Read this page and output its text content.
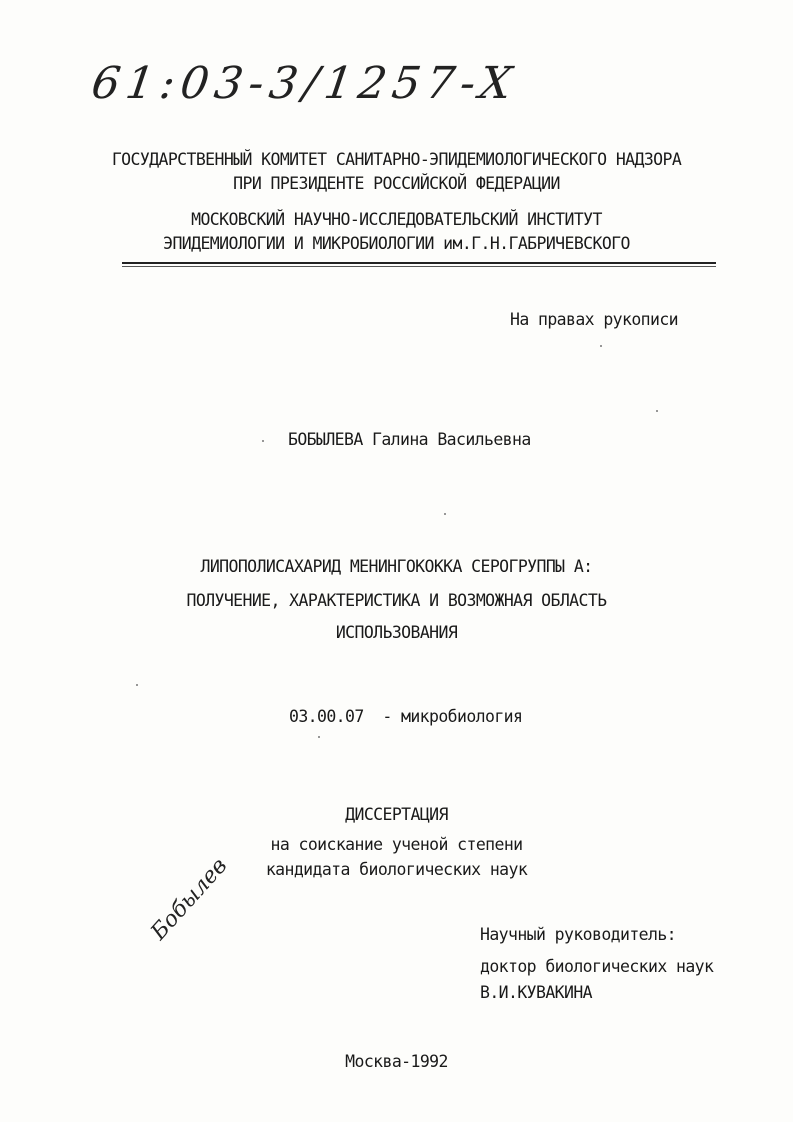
61:03-3/1257-X
ГОСУДАРСТВЕННЫЙ КОМИТЕТ САНИТАРНО-ЭПИДЕМИОЛОГИЧЕСКОГО НАДЗОРА
ПРИ ПРЕЗИДЕНТЕ РОССИЙСКОЙ ФЕДЕРАЦИИ
МОСКОВСКИЙ НАУЧНО-ИССЛЕДОВАТЕЛЬСКИЙ ИНСТИТУТ
ЭПИДЕМИОЛОГИИ И МИКРОБИОЛОГИИ им.Г.Н.ГАБРИЧЕВСКОГО
На правах рукописи
БОБЫЛЕВА Галина Васильевна
ЛИПОПОЛИСАХАРИД МЕНИНГОКОККА СЕРОГРУППЫ А:
ПОЛУЧЕНИЕ, ХАРАКТЕРИСТИКА И ВОЗМОЖНАЯ ОБЛАСТЬ
ИСПОЛЬЗОВАНИЯ
03.00.07  - микробиология
ДИССЕРТАЦИЯ
на соискание ученой степени
кандидата биологических наук
Бобылев	Научный руководитель:
доктор биологических наук
В.И.КУВАКИНА
Москва-1992
